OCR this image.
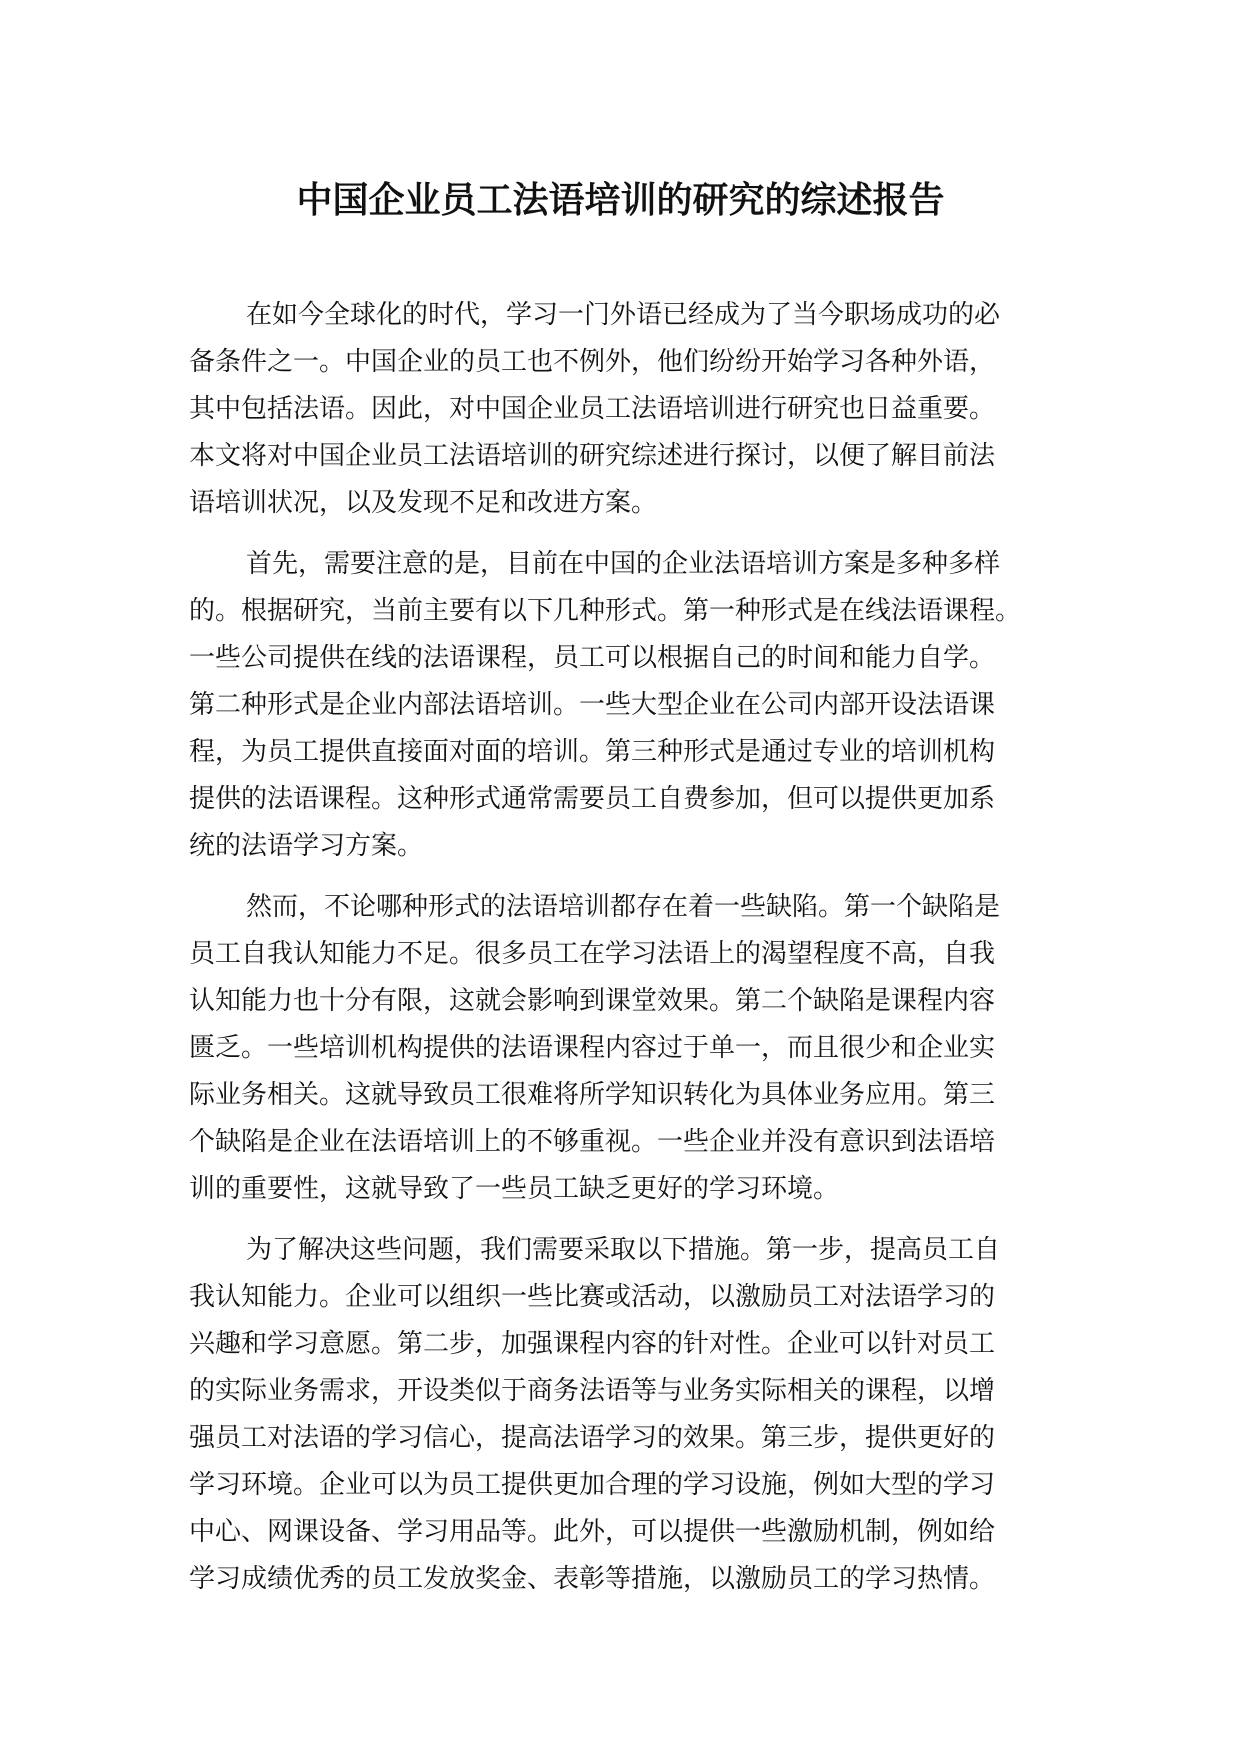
中国企业员工法语培训的研究的综述报告
在如今全球化的时代，学习一门外语已经成为了当今职场成功的必
备条件之一。中国企业的员工也不例外，他们纷纷开始学习各种外语，
其中包括法语。因此，对中国企业员工法语培训进行研究也日益重要。
本文将对中国企业员工法语培训的研究综述进行探讨，以便了解目前法
语培训状况，以及发现不足和改进方案。
首先，需要注意的是，目前在中国的企业法语培训方案是多种多样
的。根据研究，当前主要有以下几种形式。第一种形式是在线法语课程。
一些公司提供在线的法语课程，员工可以根据自己的时间和能力自学。
第二种形式是企业内部法语培训。一些大型企业在公司内部开设法语课
程，为员工提供直接面对面的培训。第三种形式是通过专业的培训机构
提供的法语课程。这种形式通常需要员工自费参加，但可以提供更加系
统的法语学习方案。
然而，不论哪种形式的法语培训都存在着一些缺陷。第一个缺陷是
员工自我认知能力不足。很多员工在学习法语上的渴望程度不高，自我
认知能力也十分有限，这就会影响到课堂效果。第二个缺陷是课程内容
匮乏。一些培训机构提供的法语课程内容过于单一，而且很少和企业实
际业务相关。这就导致员工很难将所学知识转化为具体业务应用。第三
个缺陷是企业在法语培训上的不够重视。一些企业并没有意识到法语培
训的重要性，这就导致了一些员工缺乏更好的学习环境。
为了解决这些问题，我们需要采取以下措施。第一步，提高员工自
我认知能力。企业可以组织一些比赛或活动，以激励员工对法语学习的
兴趣和学习意愿。第二步，加强课程内容的针对性。企业可以针对员工
的实际业务需求，开设类似于商务法语等与业务实际相关的课程，以增
强员工对法语的学习信心，提高法语学习的效果。第三步，提供更好的
学习环境。企业可以为员工提供更加合理的学习设施，例如大型的学习
中心、网课设备、学习用品等。此外，可以提供一些激励机制，例如给
学习成绩优秀的员工发放奖金、表彰等措施，以激励员工的学习热情。
